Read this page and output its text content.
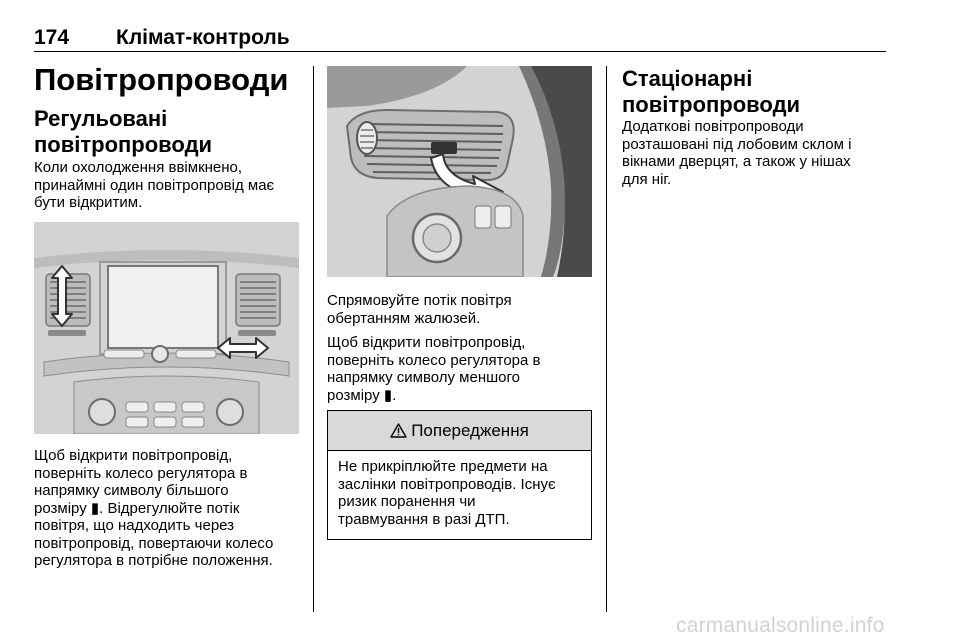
174 Клімат-контроль
Повітропроводи
Регульовані
повітропроводи
Коли охолодження ввімкнено,
принаймні один повітропровід має
бути відкритим.
Щоб відкрити повітропровід,
поверніть колесо регулятора в
напрямку символу більшого
розміру ▮. Відрегулюйте потік
повітря, що надходить через
повітропровід, повертаючи колесо
регулятора в потрібне положення.
Спрямовуйте потік повітря
обертанням жалюзей.
Щоб відкрити повітропровід,
поверніть колесо регулятора в
напрямку символу меншого
розміру ▮.
Попередження
Не прикріплюйте предмети на
заслінки повітропроводів. Існує
ризик поранення чи
травмування в разі ДТП.
Стаціонарні
повітропроводи
Додаткові повітропроводи
розташовані під лобовим склом і
вікнами дверцят, а також у нішах
для ніг.
carmanualsonline.info
